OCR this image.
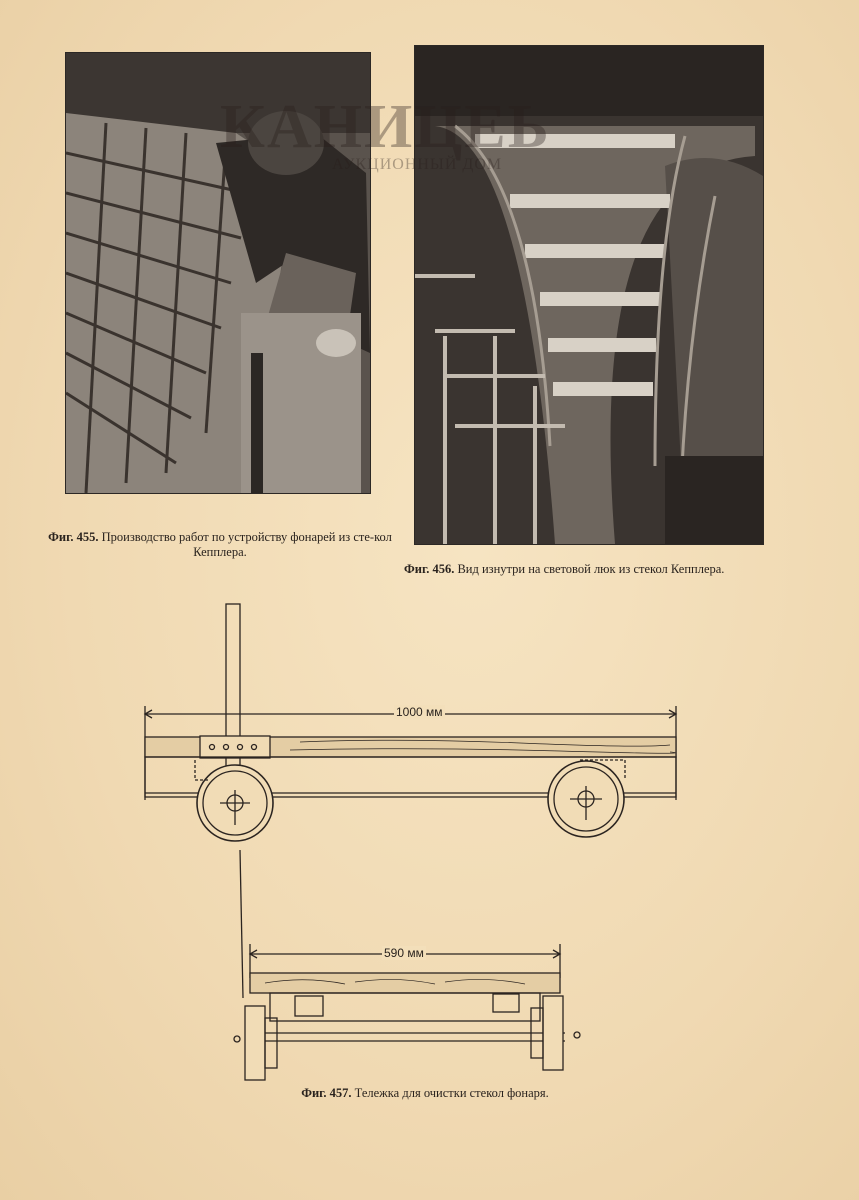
КАНИЦЕЬ
АУКЦИОННЫЙ ДОМ
Фиг. 455. Производство работ по устройству фонарей из сте-кол Кепплера.
Фиг. 456. Вид изнутри на световой люк из стекол Кепплера.
1000 мм
590 мм
Фиг. 457. Тележка для очистки стекол фонаря.
